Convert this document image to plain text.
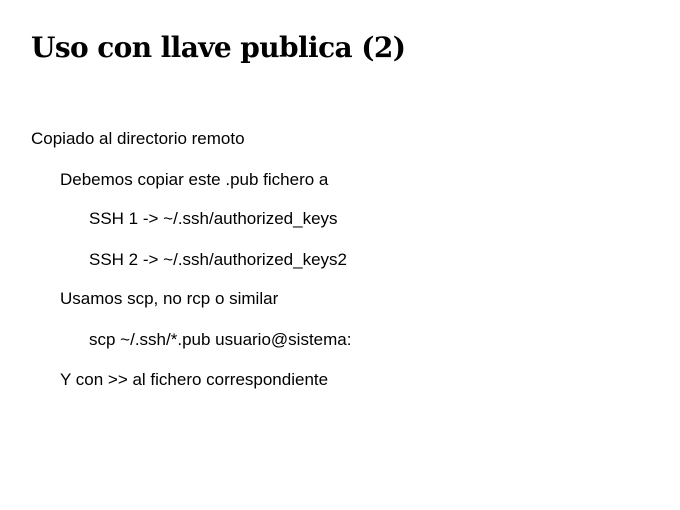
Uso con llave publica (2)

Copiado al directorio remoto

Debemos copiar este .pub fichero a

SSH 1 -> ~/.ssh/authorized_keys

SSH 2 -> ~/.ssh/authorized_keys2

Usamos scp, no rcp o similar

scp ~/.ssh/*.pub usuario@sistema:

Y con >> al fichero correspondiente
